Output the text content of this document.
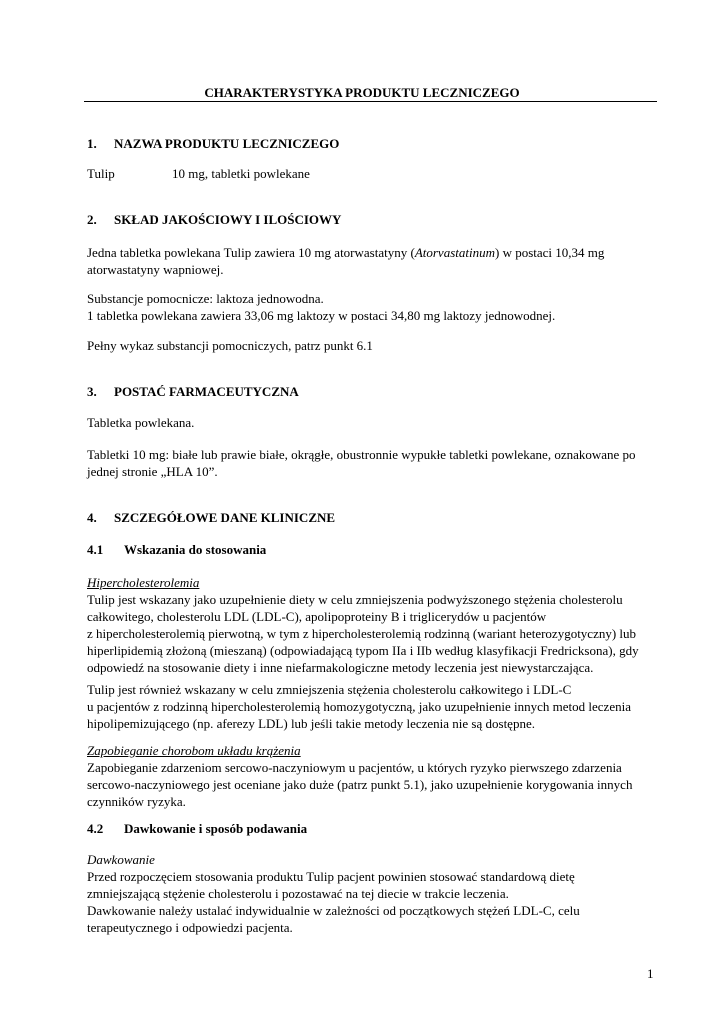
CHARAKTERYSTYKA PRODUKTU LECZNICZEGO
1. NAZWA PRODUKTU LECZNICZEGO
Tulip	10 mg, tabletki powlekane
2. SKŁAD JAKOŚCIOWY I ILOŚCIOWY
Jedna tabletka powlekana Tulip zawiera 10 mg atorwastatyny (Atorvastatinum) w postaci 10,34 mg
atorwastatyny wapniowej.
Substancje pomocnicze: laktoza jednowodna.
1 tabletka powlekana zawiera 33,06 mg laktozy w postaci 34,80 mg laktozy jednowodnej.
Pełny wykaz substancji pomocniczych, patrz punkt 6.1
3. POSTAĆ FARMACEUTYCZNA
Tabletka powlekana.
Tabletki 10 mg: białe lub prawie białe, okrągłe, obustronnie wypukłe tabletki powlekane, oznakowane po
jednej stronie „HLA 10”.
4. SZCZEGÓŁOWE DANE KLINICZNE
4.1 Wskazania do stosowania
Hipercholesterolemia
Tulip jest wskazany jako uzupełnienie diety w celu zmniejszenia podwyższonego stężenia cholesterolu
całkowitego, cholesterolu LDL (LDL-C), apolipoproteiny B i triglicerydów u pacjentów
z hipercholesterolemią pierwotną, w tym z hipercholesterolemią rodzinną (wariant heterozygotyczny) lub
hiperlipidemią złożoną (mieszaną) (odpowiadającą typom IIa i IIb według klasyfikacji Fredricksona), gdy
odpowiedź na stosowanie diety i inne niefarmakologiczne metody leczenia jest niewystarczająca.
Tulip jest również wskazany w celu zmniejszenia stężenia cholesterolu całkowitego i LDL-C
u pacjentów z rodzinną hipercholesterolemią homozygotyczną, jako uzupełnienie innych metod leczenia
hipolipemizującego (np. aferezy LDL) lub jeśli takie metody leczenia nie są dostępne.
Zapobieganie chorobom układu krążenia
Zapobieganie zdarzeniom sercowo-naczyniowym u pacjentów, u których ryzyko pierwszego zdarzenia
sercowo-naczyniowego jest oceniane jako duże (patrz punkt 5.1), jako uzupełnienie korygowania innych
czynników ryzyka.
4.2 Dawkowanie i sposób podawania
Dawkowanie
Przed rozpoczęciem stosowania produktu Tulip pacjent powinien stosować standardową dietę
zmniejszającą stężenie cholesterolu i pozostawać na tej diecie w trakcie leczenia.
Dawkowanie należy ustalać indywidualnie w zależności od początkowych stężeń LDL-C, celu
terapeutycznego i odpowiedzi pacjenta.
1
